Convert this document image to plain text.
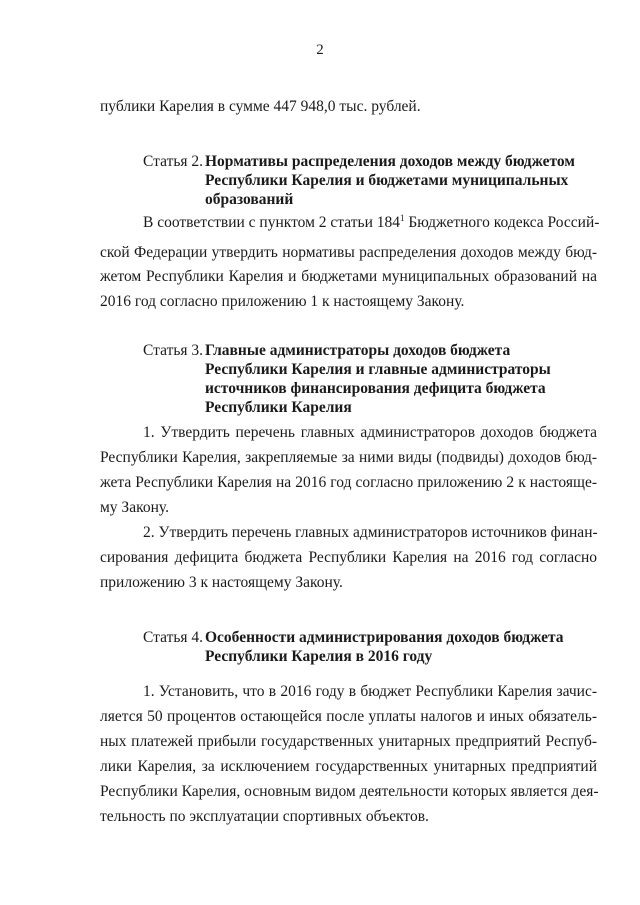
2
публики Карелия в сумме 447 948,0 тыс. рублей.
Статья 2. Нормативы распределения доходов между бюджетом
Республики Карелия и бюджетами муниципальных
образований
В соответствии с пунктом 2 статьи $184^1$ Бюджетного кодекса Россий-
ской Федерации утвердить нормативы распределения доходов между бюд-
жетом Республики Карелия и бюджетами муниципальных образований на
2016 год согласно приложению 1 к настоящему Закону.
Статья 3. Главные администраторы доходов бюджета
Республики Карелия и главные администраторы
источников финансирования дефицита бюджета
Республики Карелия
1. Утвердить перечень главных администраторов доходов бюджета
Республики Карелия, закрепляемые за ними виды (подвиды) доходов бюд-
жета Республики Карелия на 2016 год согласно приложению 2 к настояще-
му Закону.
2. Утвердить перечень главных администраторов источников финан-
сирования дефицита бюджета Республики Карелия на 2016 год согласно
приложению 3 к настоящему Закону.
Статья 4. Особенности администрирования доходов бюджета
Республики Карелия в 2016 году
1. Установить, что в 2016 году в бюджет Республики Карелия зачис-
ляется 50 процентов остающейся после уплаты налогов и иных обязатель-
ных платежей прибыли государственных унитарных предприятий Респуб-
лики Карелия, за исключением государственных унитарных предприятий
Республики Карелия, основным видом деятельности которых является дея-
тельность по эксплуатации спортивных объектов.
